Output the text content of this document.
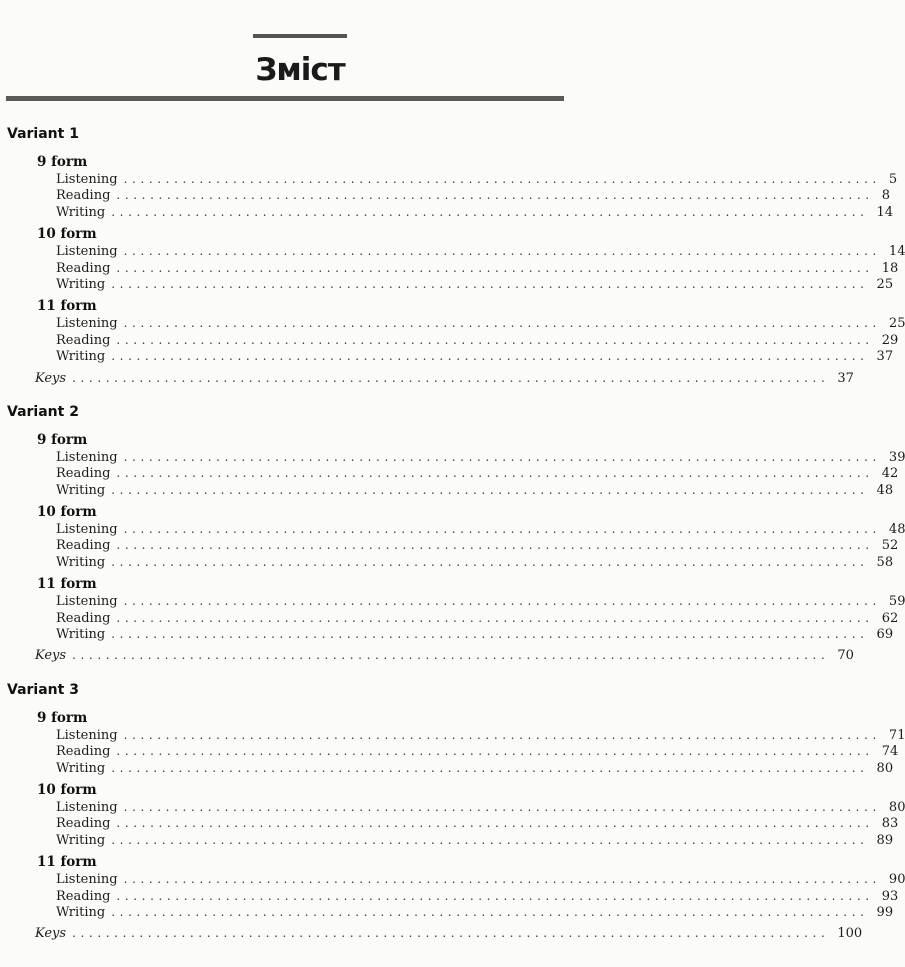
Зміст
Variant 1
9 form
Listening .......................................................................................... 5
Reading .......................................................................................... 8
Writing .......................................................................................... 14
10 form
Listening .......................................................................................... 14
Reading .......................................................................................... 18
Writing .......................................................................................... 25
11 form
Listening .......................................................................................... 25
Reading .......................................................................................... 29
Writing .......................................................................................... 37
Keys .......................................................................................... 37
Variant 2
9 form
Listening .......................................................................................... 39
Reading .......................................................................................... 42
Writing .......................................................................................... 48
10 form
Listening .......................................................................................... 48
Reading .......................................................................................... 52
Writing .......................................................................................... 58
11 form
Listening .......................................................................................... 59
Reading .......................................................................................... 62
Writing .......................................................................................... 69
Keys .......................................................................................... 70
Variant 3
9 form
Listening .......................................................................................... 71
Reading .......................................................................................... 74
Writing .......................................................................................... 80
10 form
Listening .......................................................................................... 80
Reading .......................................................................................... 83
Writing .......................................................................................... 89
11 form
Listening .......................................................................................... 90
Reading .......................................................................................... 93
Writing .......................................................................................... 99
Keys .......................................................................................... 100
